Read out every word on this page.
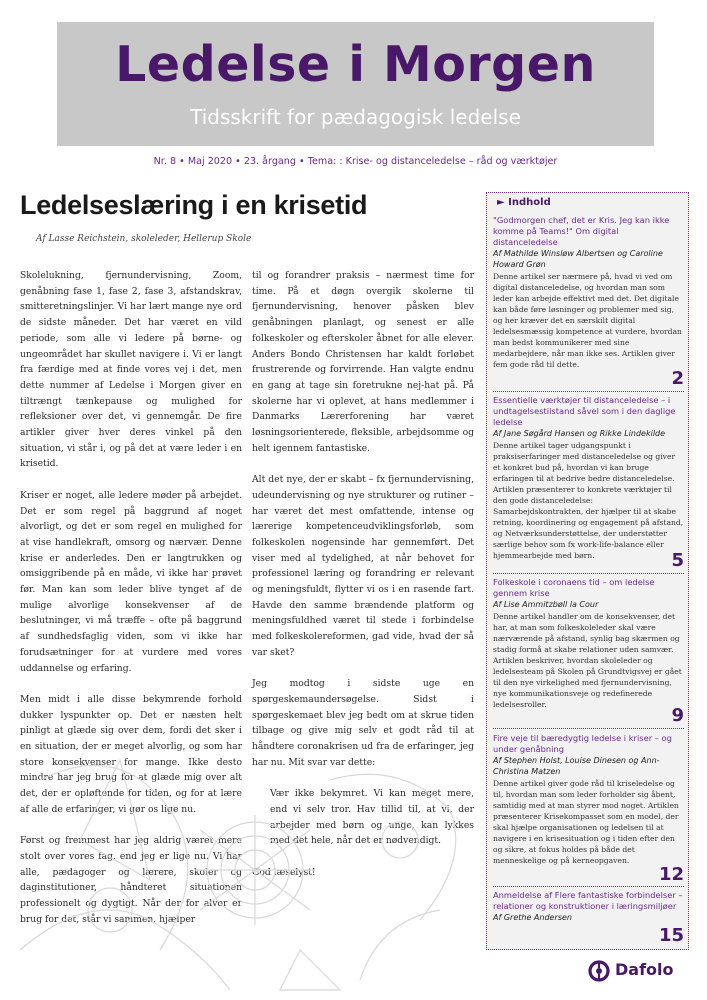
Ledelse i Morgen
Tidsskrift for pædagogisk ledelse
Nr. 8 • Maj 2020 • 23. årgang • Tema: : Krise- og distanceledelse – råd og værktøjer
Ledelseslæring i en krisetid
Af Lasse Reichstein, skoleleder, Hellerup Skole

Skolelukning, fjernundervisning, Zoom, genåbning fase 1, fase 2, fase 3, afstandskrav, smitteretningslinjer. Vi har lært mange nye ord de sidste måneder. Det har været en vild periode, som alle vi ledere på børne- og ungeområdet har skullet navigere i. Vi er langt fra færdige med at finde vores vej i det, men dette nummer af Ledelse i Morgen giver en tiltrængt tænkepause og mulighed for refleksioner over det, vi gennemgår. De fire artikler giver hver deres vinkel på den situation, vi står i, og på det at være leder i en krisetid.

Kriser er noget, alle ledere møder på arbejdet. Det er som regel på baggrund af noget alvorligt, og det er som regel en mulighed for at vise handlekraft, omsorg og nærvær. Denne krise er anderledes. Den er langtrukken og omsiggribende på en måde, vi ikke har prøvet før. Man kan som leder blive tynget af de mulige alvorlige konsekvenser af de beslutninger, vi må træffe – ofte på baggrund af sundhedsfaglig viden, som vi ikke har forudsætninger for at vurdere med vores uddannelse og erfaring.

Men midt i alle disse bekymrende forhold dukker lyspunkter op. Det er næsten helt pinligt at glæde sig over dem, fordi det sker i en situation, der er meget alvorlig, og som har store konsekvenser for mange. Ikke desto mindre har jeg brug for at glæde mig over alt det, der er opløftende for tiden, og for at lære af alle de erfaringer, vi gør os lige nu.

Først og fremmest har jeg aldrig været mere stolt over vores fag, end jeg er lige nu. Vi har alle, pædagoger og lærere, skoler og daginstitutioner, håndteret situationen professionelt og dygtigt. Når der for alvor er brug for det, står vi sammen, hjælper

til og forandrer praksis – nærmest time for time. På et døgn overgik skolerne til fjernundervisning, henover påsken blev genåbningen planlagt, og senest er alle folkeskoler og efterskoler åbnet for alle elever. Anders Bondo Christensen har kaldt forløbet frustrerende og forvirrende. Han valgte endnu en gang at tage sin foretrukne nej-hat på. På skolerne har vi oplevet, at hans medlemmer i Danmarks Lærerforening har været løsningsorienterede, fleksible, arbejdsomme og helt igennem fantastiske.

Alt det nye, der er skabt – fx fjernundervisning, udeundervisning og nye strukturer og rutiner – har været det mest omfattende, intense og lærerige kompetenceudviklingsforløb, som folkeskolen nogensinde har gennemført. Det viser med al tydelighed, at når behovet for professionel læring og forandring er relevant og meningsfuldt, flytter vi os i en rasende fart. Havde den samme brændende platform og meningsfuldhed været til stede i forbindelse med folkeskolereformen, gad vide, hvad der så var sket?

Jeg modtog i sidste uge en spørgeskemaundersøgelse. Sidst i spørgeskemaet blev jeg bedt om at skrue tiden tilbage og give mig selv et godt råd til at håndtere coronakrisen ud fra de erfaringer, jeg har nu. Mit svar var dette:

Vær ikke bekymret. Vi kan meget mere, end vi selv tror. Hav tillid til, at vi, der arbejder med børn og unge, kan lykkes med det hele, når det er nødvendigt.

God læselyst!

► Indhold
"Godmorgen chef, det er Kris. Jeg kan ikke komme på Teams!" Om digital distanceledelse
Af Mathilde Winsløw Albertsen og Caroline Howard Grøn
Denne artikel ser nærmere på, hvad vi ved om digital distanceledelse, og hvordan man som leder kan arbejde effektivt med det. Det digitale kan både føre løsninger og problemer med sig, og her kræver det en særskilt digital ledelsesmæssig kompetence at vurdere, hvordan man bedst kommunikerer med sine medarbejdere, når man ikke ses. Artiklen giver fem gode råd til dette.
2
Essentielle værktøjer til distanceledelse – i undtagelsestilstand såvel som i den daglige ledelse
Af Jane Søgård Hansen og Rikke Lindekilde
Denne artikel tager udgangspunkt i praksiserfaringer med distanceledelse og giver et konkret bud på, hvordan vi kan bruge erfaringen til at bedrive bedre distanceledelse. Artiklen præsenterer to konkrete værktøjer til den gode distanceledelse: Samarbejdskontrakten, der hjælper til at skabe retning, koordinering og engagement på afstand, og Netværksunderstøttelse, der understøtter særlige behov som fx work-life-balance eller hjemmearbejde med børn.	5
Folkeskole i coronaens tid – om ledelse gennem krise
Af Lise Ammitzbøll la Cour
Denne artikel handler om de konsekvenser, det har, at man som folkeskoleleder skal være nærværende på afstand, synlig bag skærmen og stadig formå at skabe relationer uden samvær. Artiklen beskriver, hvordan skoleleder og ledelsesteam på Skolen på Grundtvigsvej er gået til den nye virkelighed med fjernundervisning, nye kommunikationsveje og redefinerede ledelsesroller.
9
Fire veje til bæredygtig ledelse i kriser – og under genåbning
Af Stephen Holst, Louise Dinesen og Ann-Christina Matzen
Denne artikel giver gode råd til kriseledelse og til, hvordan man som leder forholder sig åbent, samtidig med at man styrer mod noget. Artiklen præsenterer Krisekompasset som en model, der skal hjælpe organisationen og ledelsen til at navigere i en krisesituation og i tiden efter den og sikre, at fokus holdes på både det menneskelige og på kerneopgaven.
12
Anmeldelse af Flere fantastiske forbindelser – relationer og konstruktioner i læringsmiljøer
Af Grethe Andersen
15
Dafolo
